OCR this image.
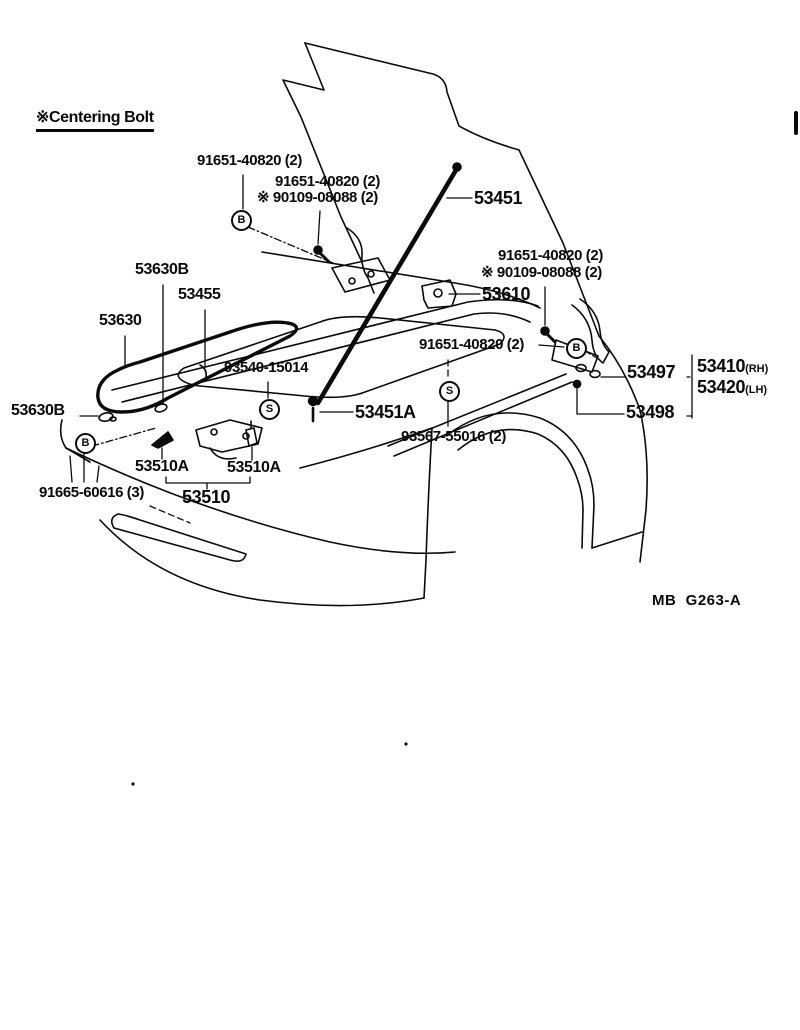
※Centering Bolt
91651-40820 (2)
91651-40820 (2)
※ 90109-08088 (2)	53451
91651-40820 (2)
※ 90109-08088 (2)
53610
91651-40820 (2)
53630B
53455
53630
93540-15014
53630B	53451A
93567-55016 (2)
53497 53410 (RH)
53420 (LH)
53498
53510A 53510A
91665-60616 (3) 53510
B
B
B
S
S
MB  G263-A
